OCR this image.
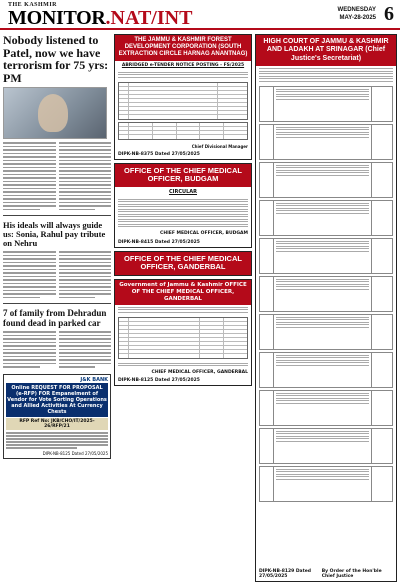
THE KASHMIR
MONITOR.NAT/INT	WEDNESDAY
MAY-28-2025 6
Nobody listened to Patel, now we have terrorism for 75 yrs: PM
His ideals will always guide us: Sonia, Rahul pay tribute on Nehru
7 of family from Dehradun found dead in parked car
J&K BANK
Online REQUEST FOR PROPOSAL (e-RFP) FOR Empanelment of Vendor for Vote Sorting Operations and Allied Activities At Currency Chests
RFP Ref No: JKB/CHO/IT/2025-26/RFP/21
DIPK-NB-8125 Dated 27/05/2025
THE JAMMU & KASHMIR FOREST DEVELOPMENT CORPORATION (SOUTH EXTRACTION CIRCLE HARNAG ANANTNAG)
ABRIDGED e-TENDER NOTICE POSTING - FS/2025
Chief Divisional Manager
DIPK-NB-8375 Dated 27/05/2025
OFFICE OF THE CHIEF MEDICAL OFFICER, BUDGAM
CIRCULAR
CHIEF MEDICAL OFFICER, BUDGAM
DIPK-NB-8415 Dated 27/05/2025
OFFICE OF THE CHIEF MEDICAL OFFICER, GANDERBAL
Government of Jammu & Kashmir OFFICE OF THE CHIEF MEDICAL OFFICER, GANDERBAL
CHIEF MEDICAL OFFICER, GANDERBAL
DIPK-NB-8125 Dated 27/05/2025
HIGH COURT OF JAMMU & KASHMIR AND LADAKH AT SRINAGAR (Chief Justice's Secretariat)
DIPK-NB-8129 Dated 27/05/2025
By Order of the Hon'ble Chief Justice
